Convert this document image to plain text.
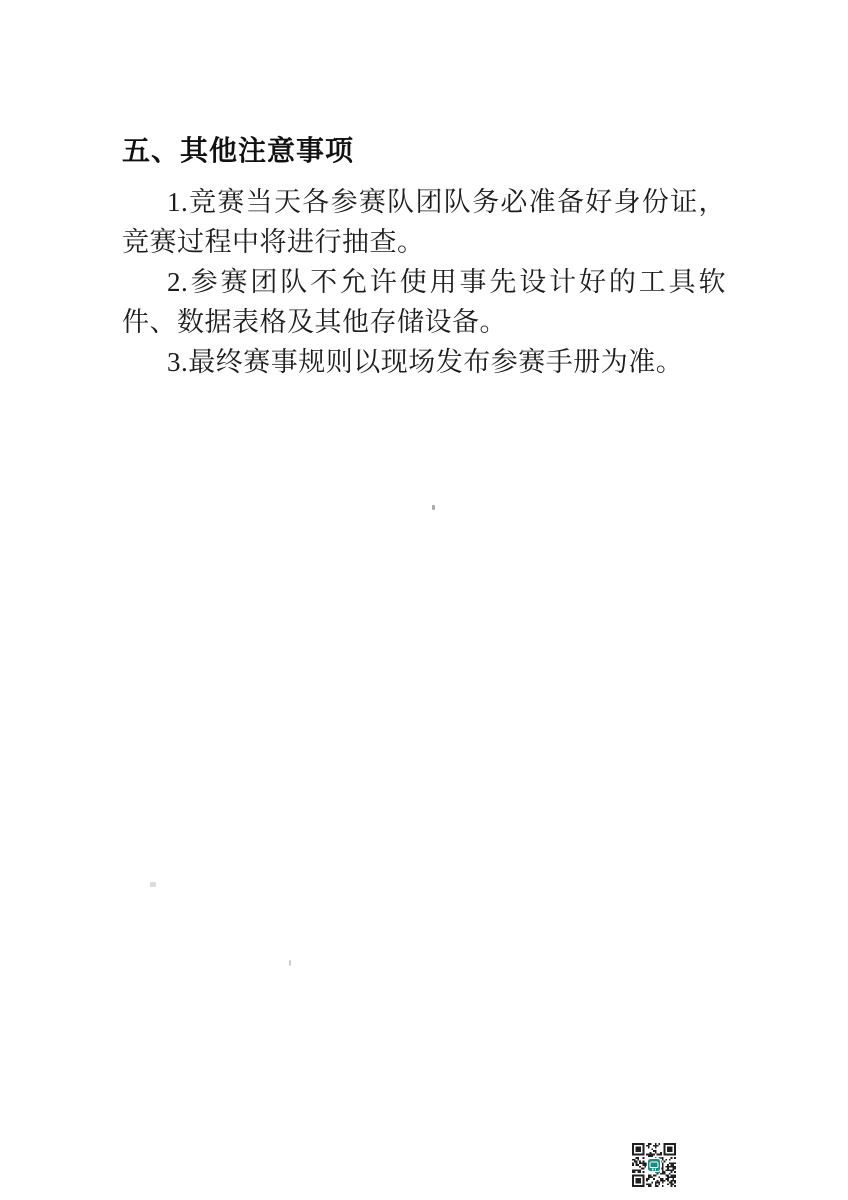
五、其他注意事项

1.竞赛当天各参赛队团队务必准备好身份证，竞赛过程中将进行抽查。

2.参赛团队不允许使用事先设计好的工具软件、数据表格及其他存储设备。

3.最终赛事规则以现场发布参赛手册为准。
